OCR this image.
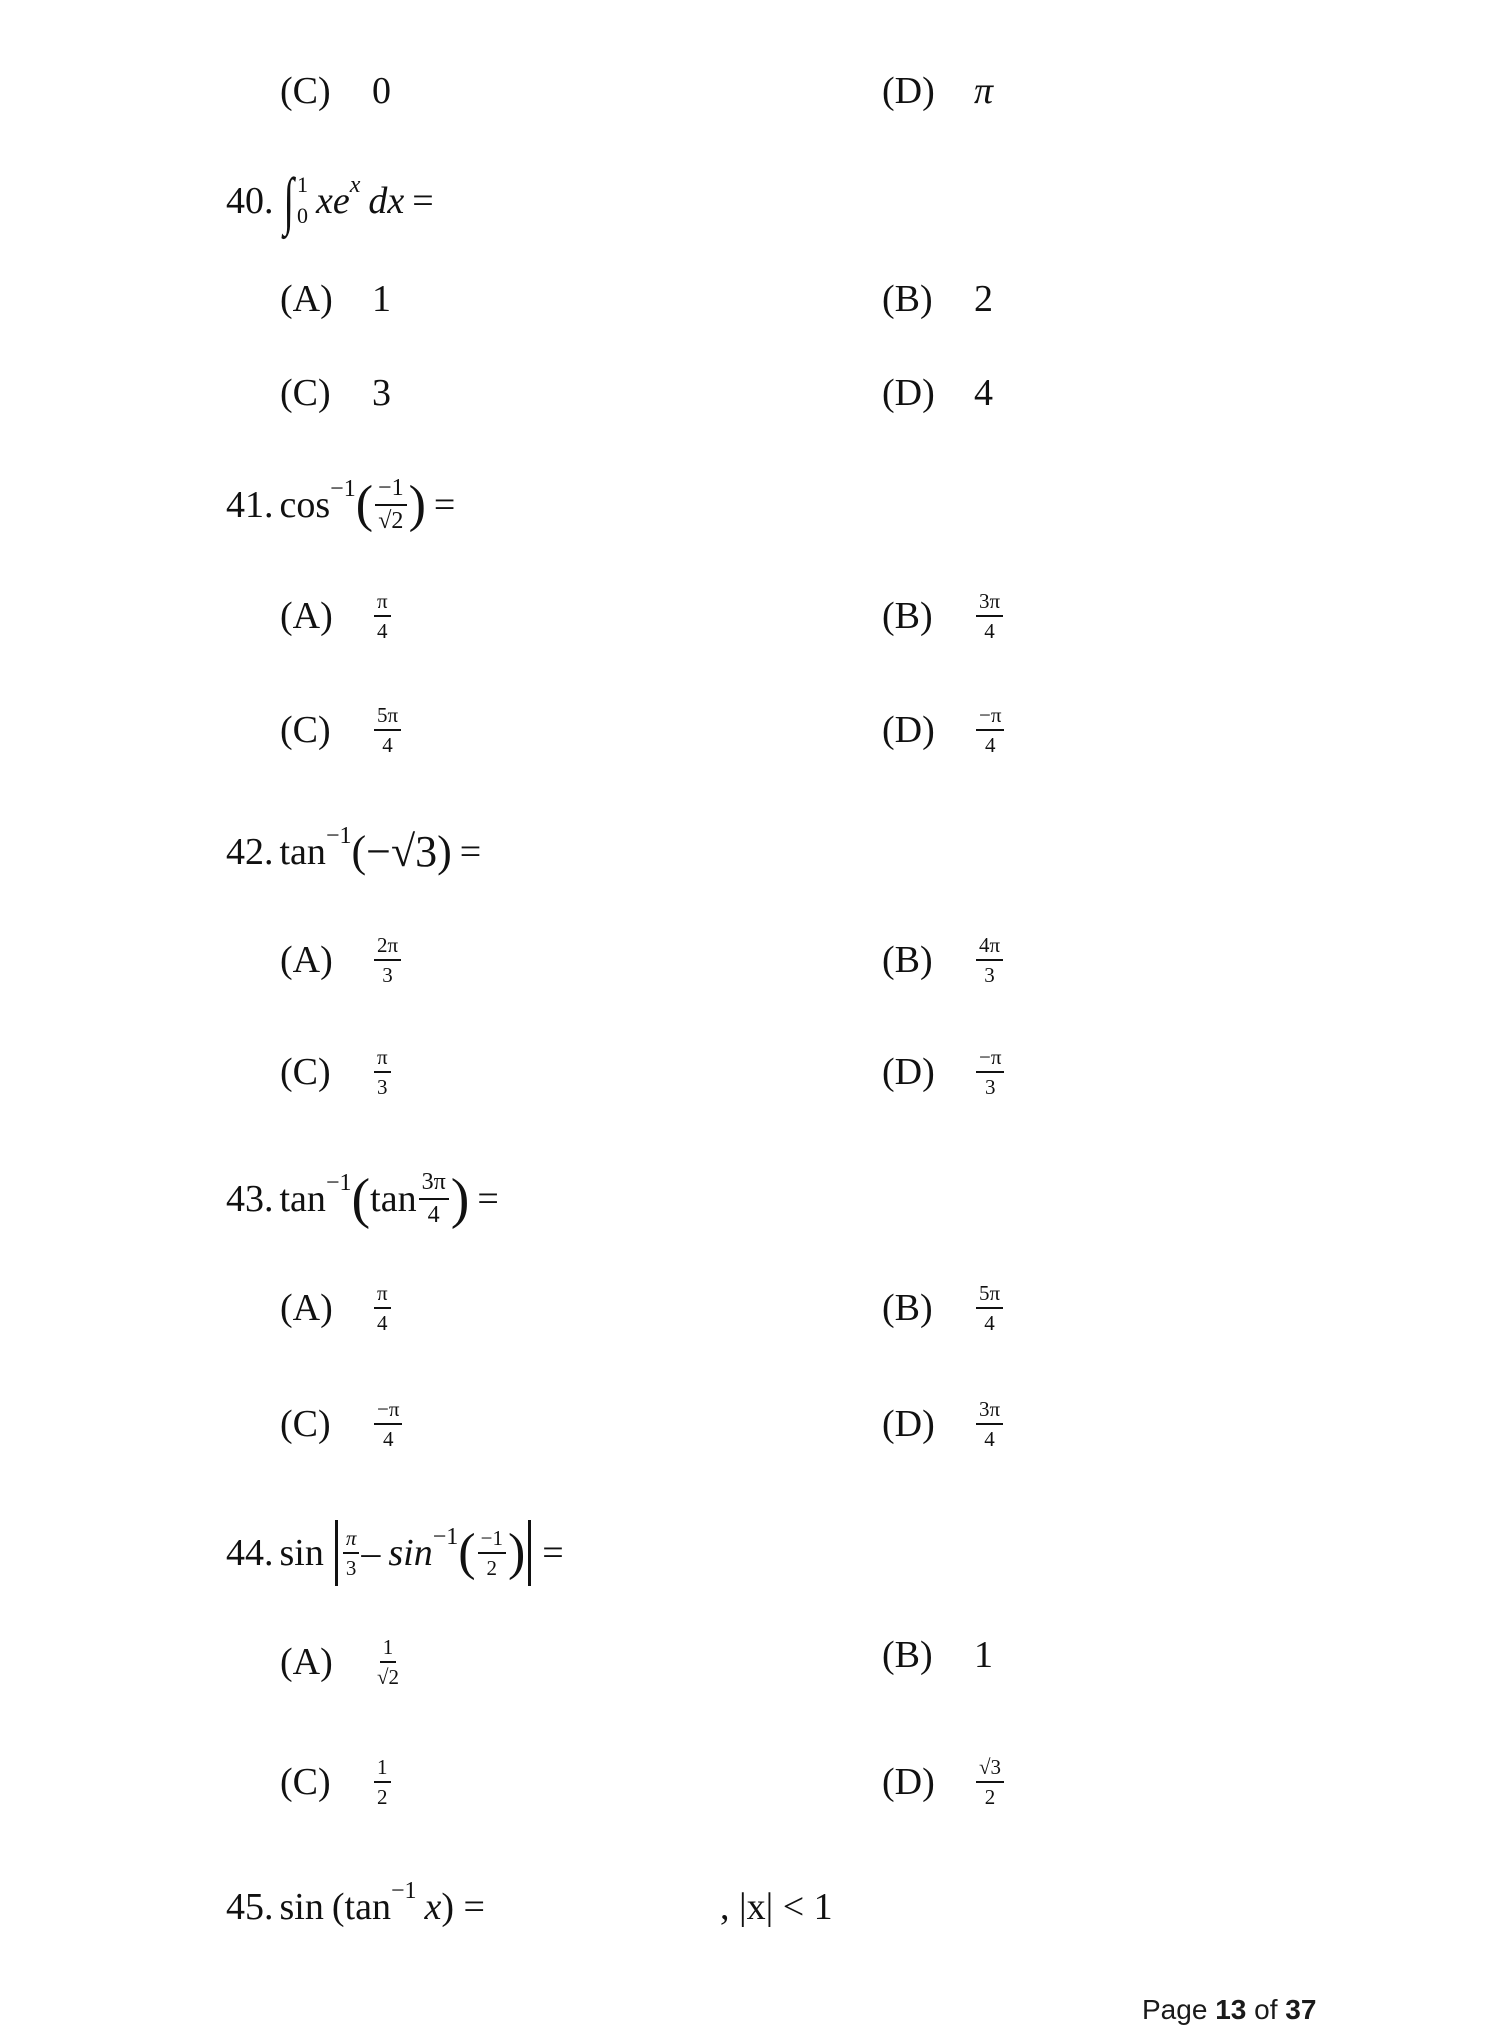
(C)	0	(D)	π
40. ∫ 1
0 xe x dx =
(A)	1	(B)	2
(C)	3	(D)	4
41. cos −1 ( $\frac{-1}{√2}$ ) =
(A)	$\frac{\pi}{4}$	(B)	$\frac{3\pi}{4}$
(C)	$\frac{5\pi}{4}$	(D)	$\frac{-\pi}{4}$
42. tan −1 (−√3) =
(A)	$\frac{2\pi}{3}$	(B)	$\frac{4\pi}{3}$
(C)	$\frac{\pi}{3}$	(D)	$\frac{-\pi}{3}$
43. tan −1 ( $\tan \frac{3\pi}{4}$ ) =
(A)	$\frac{\pi}{4}$	(B)	$\frac{5\pi}{4}$
(C)	$\frac{-\pi}{4}$	(D)	$\frac{3\pi}{4}$
44. $\sin \frac{\pi}{3} - \sin -1$ ( $\frac{-1}{2}$ ) =
(A)	$\frac{1}{√2}$	(B)	1
(C)	$\frac{1}{2}$	(D)	$\frac{√3}{2}$
45. sin (tan −1 x ) =	, |x| < 1
Page 13 of 37
